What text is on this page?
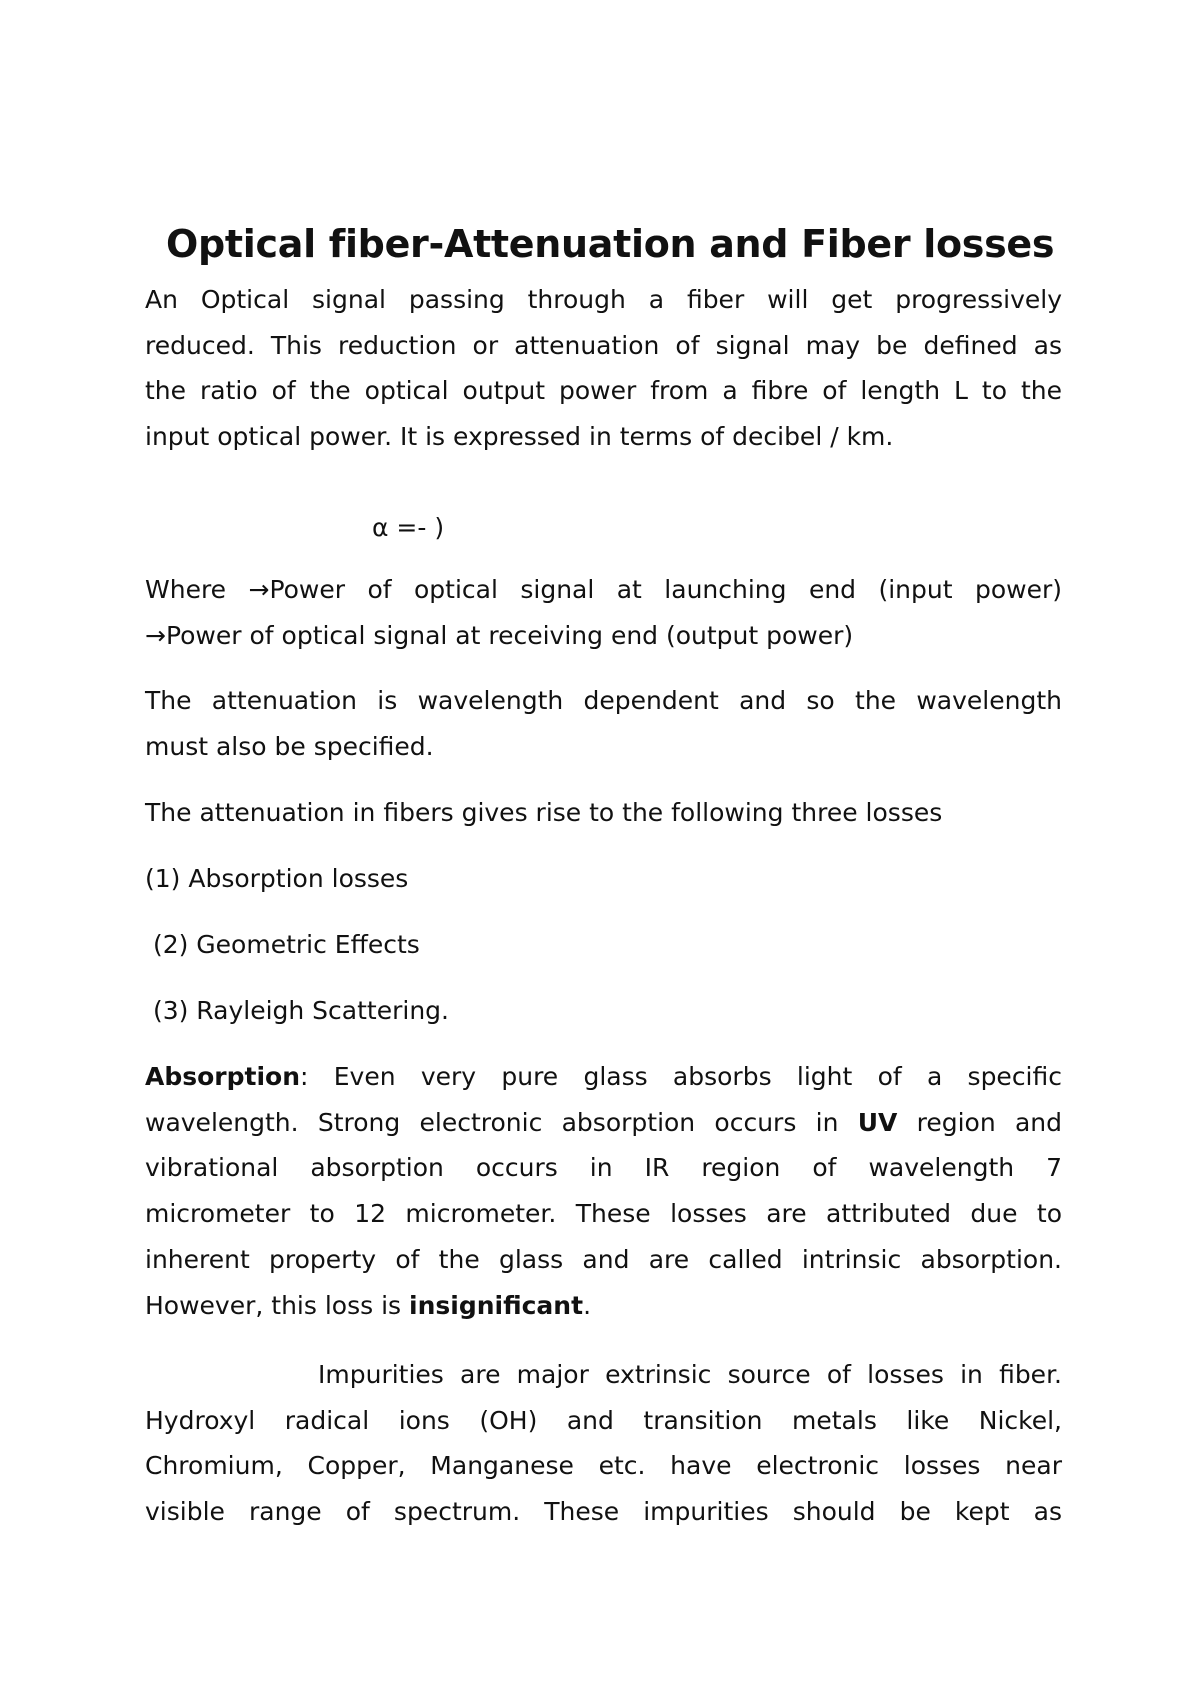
Optical fiber-Attenuation and Fiber losses
An Optical signal passing through a fiber will get progressively
reduced. This reduction or attenuation of signal may be defined as
the ratio of the optical output power from a fibre of length L to the
input optical power. It is expressed in terms of decibel / km.
α =- )
Where →Power of optical signal at launching end (input power)
→Power of optical signal at receiving end (output power)
The attenuation is wavelength dependent and so the wavelength
must also be specified.
The attenuation in fibers gives rise to the following three losses
(1) Absorption losses
(2) Geometric Effects
(3) Rayleigh Scattering.
Absorption: Even very pure glass absorbs light of a specific
wavelength. Strong electronic absorption occurs in UV region and
vibrational absorption occurs in IR region of wavelength 7
micrometer to 12 micrometer. These losses are attributed due to
inherent property of the glass and are called intrinsic absorption.
However, this loss is insignificant.
Impurities are major extrinsic source of losses in fiber.
Hydroxyl radical ions (OH) and transition metals like Nickel,
Chromium, Copper, Manganese etc. have electronic losses near
visible range of spectrum. These impurities should be kept as
